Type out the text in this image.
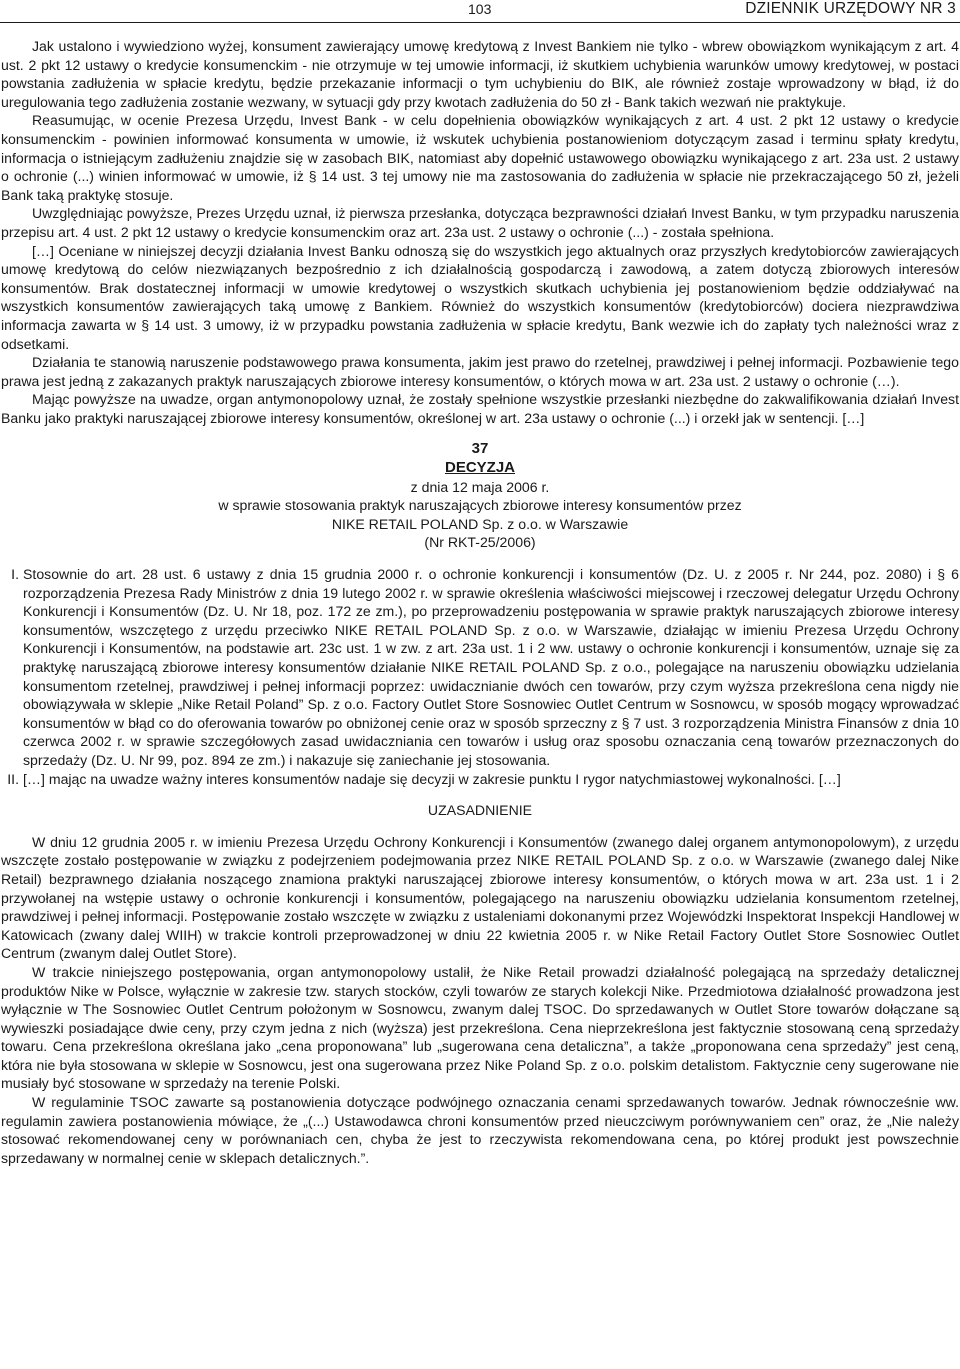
103	DZIENNIK URZĘDOWY NR 3

Jak ustalono i wywiedziono wyżej, konsument zawierający umowę kredytową z Invest Bankiem nie tylko - wbrew obowiązkom wynikającym z art. 4 ust. 2 pkt 12 ustawy o kredycie konsumenckim - nie otrzymuje w tej umowie informacji, iż skutkiem uchybienia warunków umowy kredytowej, w postaci powstania zadłużenia w spłacie kredytu, będzie przekazanie informacji o tym uchybieniu do BIK, ale również zostaje wprowadzony w błąd, iż do uregulowania tego zadłużenia zostanie wezwany, w sytuacji gdy przy kwotach zadłużenia do 50 zł - Bank takich wezwań nie praktykuje.

Reasumując, w ocenie Prezesa Urzędu, Invest Bank - w celu dopełnienia obowiązków wynikających z art. 4 ust. 2 pkt 12 ustawy o kredycie konsumenckim - powinien informować konsumenta w umowie, iż wskutek uchybienia postanowieniom dotyczącym zasad i terminu spłaty kredytu, informacja o istniejącym zadłużeniu znajdzie się w zasobach BIK, natomiast aby dopełnić ustawowego obowiązku wynikającego z art. 23a ust. 2 ustawy o ochronie (...) winien informować w umowie, iż § 14 ust. 3 tej umowy nie ma zastosowania do zadłużenia w spłacie nie przekraczającego 50 zł, jeżeli Bank taką praktykę stosuje.

Uwzględniając powyższe, Prezes Urzędu uznał, iż pierwsza przesłanka, dotycząca bezprawności działań Invest Banku, w tym przypadku naruszenia przepisu art. 4 ust. 2 pkt 12 ustawy o kredycie konsumenckim oraz art. 23a ust. 2 ustawy o ochronie (...) - została spełniona.

[…] Oceniane w niniejszej decyzji działania Invest Banku odnoszą się do wszystkich jego aktualnych oraz przyszłych kredytobiorców zawierających umowę kredytową do celów niezwiązanych bezpośrednio z ich działalnością gospodarczą i zawodową, a zatem dotyczą zbiorowych interesów konsumentów. Brak dostatecznej informacji w umowie kredytowej o wszystkich skutkach uchybienia jej postanowieniom będzie oddziaływać na wszystkich konsumentów zawierających taką umowę z Bankiem. Również do wszystkich konsumentów (kredytobiorców) dociera niezprawdziwa informacja zawarta w § 14 ust. 3 umowy, iż w przypadku powstania zadłużenia w spłacie kredytu, Bank wezwie ich do zapłaty tych należności wraz z odsetkami.

Działania te stanowią naruszenie podstawowego prawa konsumenta, jakim jest prawo do rzetelnej, prawdziwej i pełnej informacji. Pozbawienie tego prawa jest jedną z zakazanych praktyk naruszających zbiorowe interesy konsumentów, o których mowa w art. 23a ust. 2 ustawy o ochronie (…).

Mając powyższe na uwadze, organ antymonopolowy uznał, że zostały spełnione wszystkie przesłanki niezbędne do zakwalifikowania działań Invest Banku jako praktyki naruszającej zbiorowe interesy konsumentów, określonej w art. 23a ustawy o ochronie (...) i orzekł jak w sentencji. […]

37

DECYZJA

z dnia 12 maja 2006 r.

w sprawie stosowania praktyk naruszających zbiorowe interesy konsumentów przez

NIKE RETAIL POLAND Sp. z o.o. w Warszawie

(Nr RKT-25/2006)

I. Stosownie do art. 28 ust. 6 ustawy z dnia 15 grudnia 2000 r. o ochronie konkurencji i konsumentów (Dz. U. z 2005 r. Nr 244, poz. 2080) i § 6 rozporządzenia Prezesa Rady Ministrów z dnia 19 lutego 2002 r. w sprawie określenia właściwości miejscowej i rzeczowej delegatur Urzędu Ochrony Konkurencji i Konsumentów (Dz. U. Nr 18, poz. 172 ze zm.), po przeprowadzeniu postępowania w sprawie praktyk naruszających zbiorowe interesy konsumentów, wszczętego z urzędu przeciwko NIKE RETAIL POLAND Sp. z o.o. w Warszawie, działając w imieniu Prezesa Urzędu Ochrony Konkurencji i Konsumentów, na podstawie art. 23c ust. 1 w zw. z art. 23a ust. 1 i 2 ww. ustawy o ochronie konkurencji i konsumentów, uznaje się za praktykę naruszającą zbiorowe interesy konsumentów działanie NIKE RETAIL POLAND Sp. z o.o., polegające na naruszeniu obowiązku udzielania konsumentom rzetelnej, prawdziwej i pełnej informacji poprzez: uwidacznianie dwóch cen towarów, przy czym wyższa przekreślona cena nigdy nie obowiązywała w sklepie „Nike Retail Poland” Sp. z o.o. Factory Outlet Store Sosnowiec Outlet Centrum w Sosnowcu, w sposób mogący wprowadzać konsumentów w błąd co do oferowania towarów po obniżonej cenie oraz w sposób sprzeczny z § 7 ust. 3 rozporządzenia Ministra Finansów z dnia 10 czerwca 2002 r. w sprawie szczegółowych zasad uwidaczniania cen towarów i usług oraz sposobu oznaczania ceną towarów przeznaczonych do sprzedaży (Dz. U. Nr 99, poz. 894 ze zm.) i nakazuje się zaniechanie jej stosowania.
II. […] mając na uwadze ważny interes konsumentów nadaje się decyzji w zakresie punktu I rygor natychmiastowej wykonalności. […]

UZASADNIENIE

W dniu 12 grudnia 2005 r. w imieniu Prezesa Urzędu Ochrony Konkurencji i Konsumentów (zwanego dalej organem antymonopolowym), z urzędu wszczęte zostało postępowanie w związku z podejrzeniem podejmowania przez NIKE RETAIL POLAND Sp. z o.o. w Warszawie (zwanego dalej Nike Retail) bezprawnego działania noszącego znamiona praktyki naruszającej zbiorowe interesy konsumentów, o których mowa w art. 23a ust. 1 i 2 przywołanej na wstępie ustawy o ochronie konkurencji i konsumentów, polegającego na naruszeniu obowiązku udzielania konsumentom rzetelnej, prawdziwej i pełnej informacji. Postępowanie zostało wszczęte w związku z ustaleniami dokonanymi przez Wojewódzki Inspektorat Inspekcji Handlowej w Katowicach (zwany dalej WIIH) w trakcie kontroli przeprowadzonej w dniu 22 kwietnia 2005 r. w Nike Retail Factory Outlet Store Sosnowiec Outlet Centrum (zwanym dalej Outlet Store).

W trakcie niniejszego postępowania, organ antymonopolowy ustalił, że Nike Retail prowadzi działalność polegającą na sprzedaży detalicznej produktów Nike w Polsce, wyłącznie w zakresie tzw. starych stocków, czyli towarów ze starych kolekcji Nike. Przedmiotowa działalność prowadzona jest wyłącznie w The Sosnowiec Outlet Centrum położonym w Sosnowcu, zwanym dalej TSOC. Do sprzedawanych w Outlet Store towarów dołączane są wywieszki posiadające dwie ceny, przy czym jedna z nich (wyższa) jest przekreślona. Cena nieprzekreślona jest faktycznie stosowaną ceną sprzedaży towaru. Cena przekreślona określana jako „cena proponowana” lub „sugerowana cena detaliczna”, a także „proponowana cena sprzedaży” jest ceną, która nie była stosowana w sklepie w Sosnowcu, jest ona sugerowana przez Nike Poland Sp. z o.o. polskim detalistom. Faktycznie ceny sugerowane nie musiały być stosowane w sprzedaży na terenie Polski.

W regulaminie TSOC zawarte są postanowienia dotyczące podwójnego oznaczania cenami sprzedawanych towarów. Jednak równocześnie ww. regulamin zawiera postanowienia mówiące, że „(...) Ustawodawca chroni konsumentów przed nieuczciwym porównywaniem cen” oraz, że „Nie należy stosować rekomendowanej ceny w porównaniach cen, chyba że jest to rzeczywista rekomendowana cena, po której produkt jest powszechnie sprzedawany w normalnej cenie w sklepach detalicznych.”.
